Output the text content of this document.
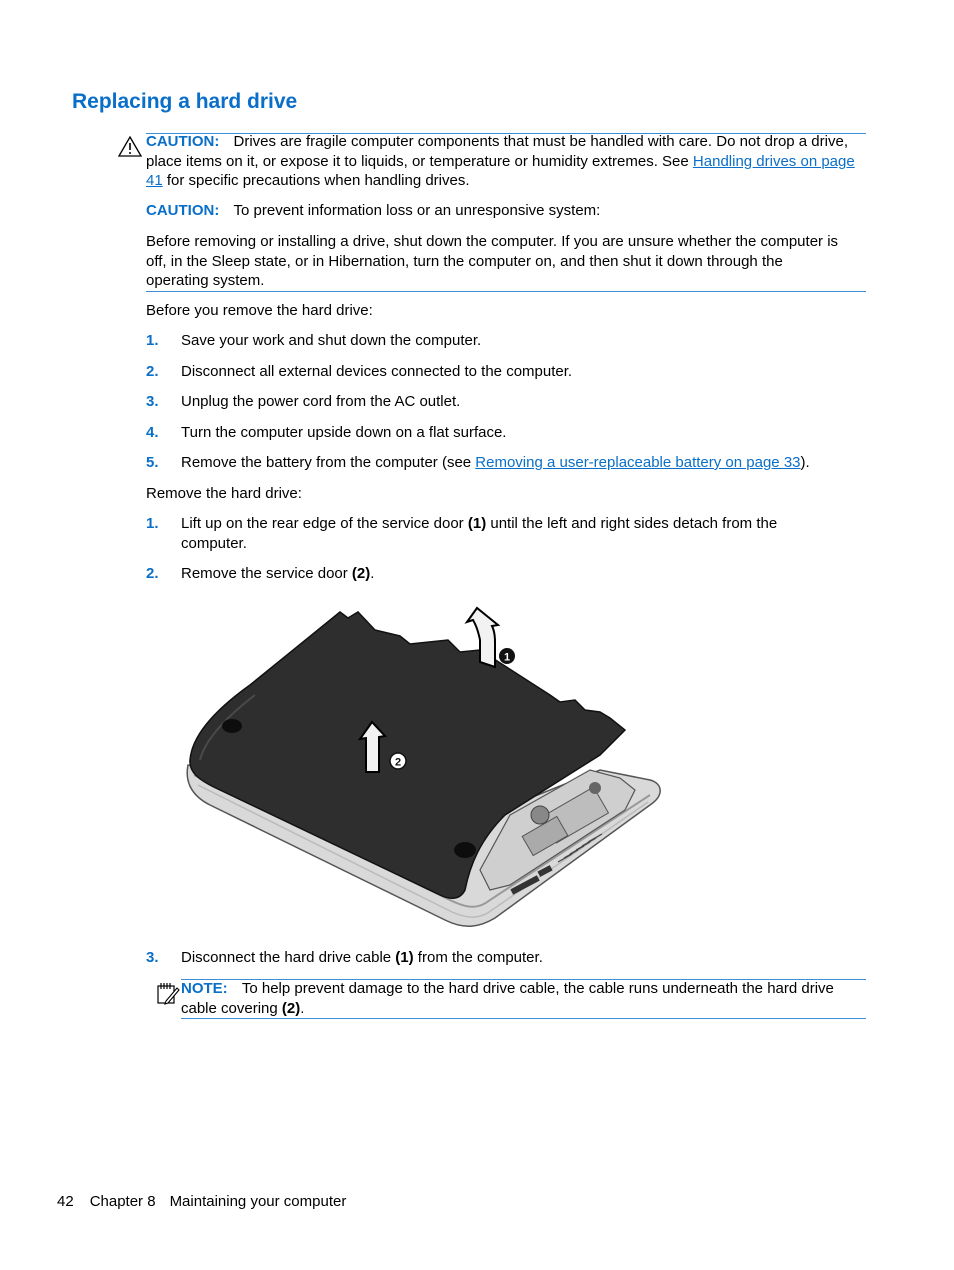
Replacing a hard drive
CAUTION: Drives are fragile computer components that must be handled with care. Do not drop a drive, place items on it, or expose it to liquids, or temperature or humidity extremes. See Handling drives on page 41 for specific precautions when handling drives.
CAUTION: To prevent information loss or an unresponsive system:
Before removing or installing a drive, shut down the computer. If you are unsure whether the computer is off, in the Sleep state, or in Hibernation, turn the computer on, and then shut it down through the operating system.
Before you remove the hard drive:
1. Save your work and shut down the computer.
2. Disconnect all external devices connected to the computer.
3. Unplug the power cord from the AC outlet.
4. Turn the computer upside down on a flat surface.
5. Remove the battery from the computer (see Removing a user-replaceable battery on page 33).
Remove the hard drive:
1. Lift up on the rear edge of the service door (1) until the left and right sides detach from the computer.
2. Remove the service door (2).
1
2
3. Disconnect the hard drive cable (1) from the computer.
NOTE: To help prevent damage to the hard drive cable, the cable runs underneath the hard drive cable covering (2).
42 Chapter 8 Maintaining your computer
